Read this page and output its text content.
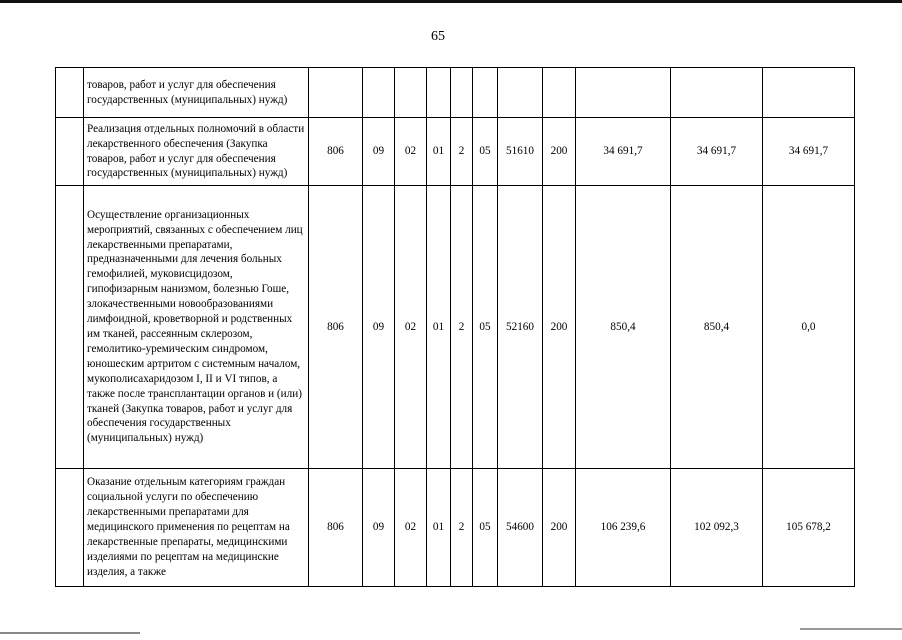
65
	товаров, работ и услуг для обеспечения государственных (муниципальных) нужд)											
	Реализация отдельных полномочий в области лекарственного обеспечения (Закупка товаров, работ и услуг для обеспечения государственных (муниципальных) нужд)	806	09	02	01	2	05	51610	200	34 691,7	34 691,7	34 691,7
	Осуществление организационных мероприятий, связанных с обеспечением лиц лекарственными препаратами, предназначенными для лечения больных гемофилией, муковисцидозом, гипофизарным нанизмом, болезнью Гоше, злокачественными новообразованиями лимфоидной, кроветворной и родственных им тканей, рассеянным склерозом, гемолитико-уремическим синдромом, юношеским артритом с системным началом, мукополисахаридозом I, II и VI типов, а также после трансплантации органов и (или) тканей (Закупка товаров, работ и услуг для обеспечения государственных (муниципальных) нужд)	806	09	02	01	2	05	52160	200	850,4	850,4	0,0
	Оказание отдельным категориям граждан социальной услуги по обеспечению лекарственными препаратами для медицинского применения по рецептам на лекарственные препараты, медицинскими изделиями по рецептам на медицинские изделия, а также	806	09	02	01	2	05	54600	200	106 239,6	102 092,3	105 678,2
